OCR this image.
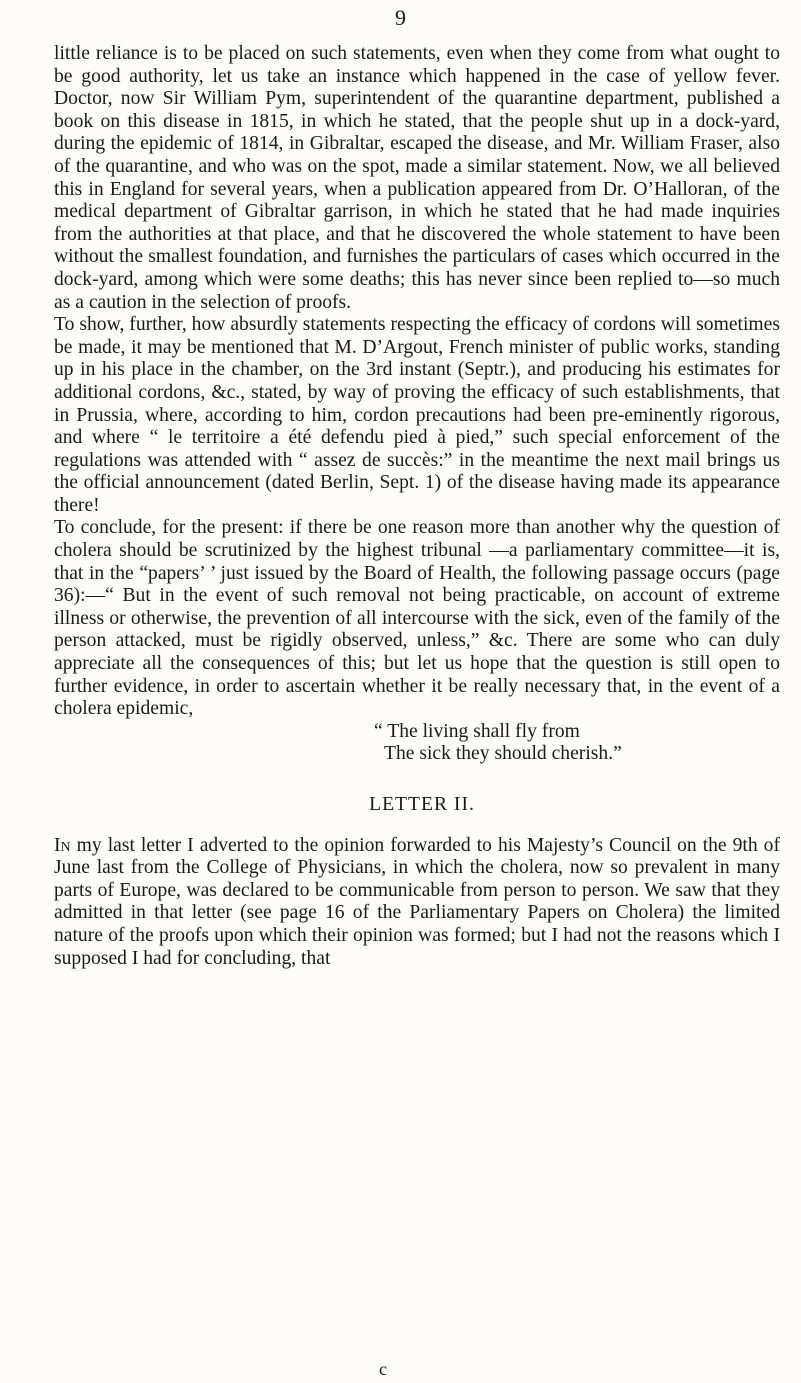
9

little reliance is to be placed on such statements, even when they come from what ought to be good authority, let us take an instance which happened in the case of yellow fever. Doctor, now Sir William Pym, superintendent of the quarantine department, published a book on this disease in 1815, in which he stated, that the people shut up in a dock-yard, during the epidemic of 1814, in Gibraltar, escaped the disease, and Mr. William Fraser, also of the quarantine, and who was on the spot, made a similar statement. Now, we all believed this in England for several years, when a publication appeared from Dr. O’Halloran, of the medical department of Gibraltar garrison, in which he stated that he had made inquiries from the authorities at that place, and that he discovered the whole statement to have been without the smallest foundation, and furnishes the particulars of cases which occurred in the dock-yard, among which were some deaths; this has never since been replied to—so much as a caution in the selection of proofs.

To show, further, how absurdly statements respecting the efficacy of cordons will sometimes be made, it may be mentioned that M. D’Argout, French minister of public works, standing up in his place in the chamber, on the 3rd instant (Septr.), and producing his estimates for additional cordons, &c., stated, by way of proving the efficacy of such establishments, that in Prussia, where, according to him, cordon precautions had been pre-eminently rigorous, and where “ le territoire a été defendu pied à pied,” such special enforcement of the regulations was attended with “ assez de succès:” in the meantime the next mail brings us the official announcement (dated Berlin, Sept. 1) of the disease having made its appearance there!

To conclude, for the present: if there be one reason more than another why the question of cholera should be scrutinized by the highest tribunal —a parliamentary committee—it is, that in the “papers’ ’ just issued by the Board of Health, the following passage occurs (page 36):—“ But in the event of such removal not being practicable, on account of extreme illness or otherwise, the prevention of all intercourse with the sick, even of the family of the person attacked, must be rigidly observed, unless,” &c. There are some who can duly appreciate all the consequences of this; but let us hope that the question is still open to further evidence, in order to ascertain whether it be really necessary that, in the event of a cholera epidemic,

“ The living shall fly from
The sick they should cherish.”
LETTER II.

In my last letter I adverted to the opinion forwarded to his Majesty’s Council on the 9th of June last from the College of Physicians, in which the cholera, now so prevalent in many parts of Europe, was declared to be communicable from person to person. We saw that they admitted in that letter (see page 16 of the Parliamentary Papers on Cholera) the limited nature of the proofs upon which their opinion was formed; but I had not the reasons which I supposed I had for concluding, that

c
